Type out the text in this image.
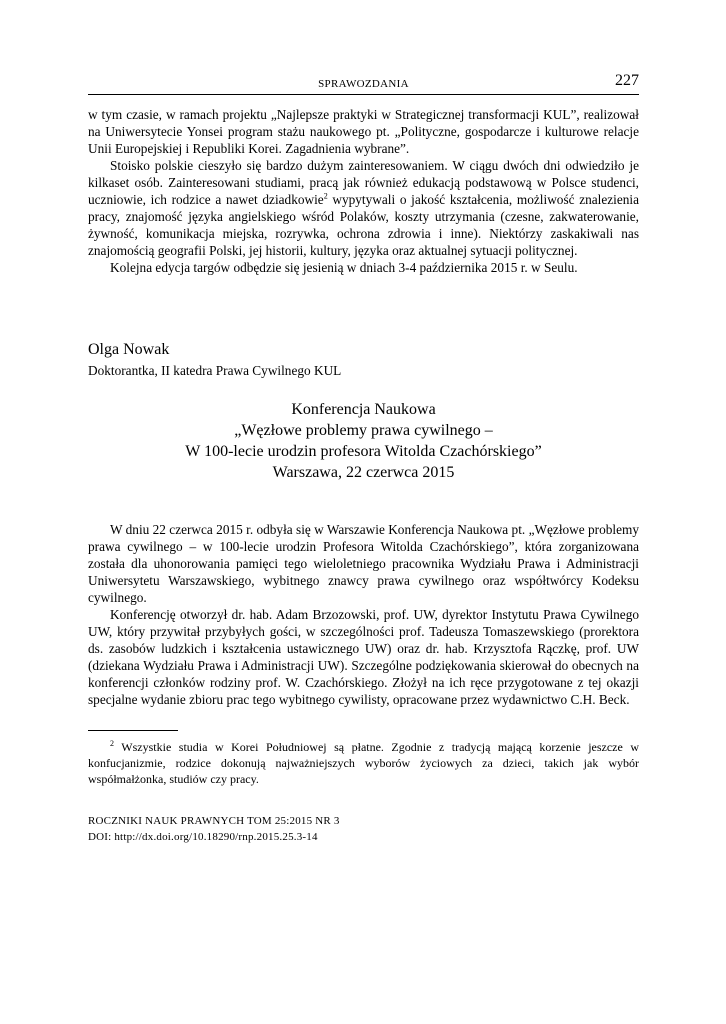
SPRAWOZDANIA	227

w tym czasie, w ramach projektu „Najlepsze praktyki w Strategicznej transformacji KUL”, realizował na Uniwersytecie Yonsei program stażu naukowego pt. „Polityczne, gospodarcze i kulturowe relacje Unii Europejskiej i Republiki Korei. Zagadnienia wybrane”.

Stoisko polskie cieszyło się bardzo dużym zainteresowaniem. W ciągu dwóch dni odwiedziło je kilkaset osób. Zainteresowani studiami, pracą jak również edukacją podstawową w Polsce studenci, uczniowie, ich rodzice a nawet dziadkowie$^2$ wypytywali o jakość kształcenia, możliwość znalezienia pracy, znajomość języka angielskiego wśród Polaków, koszty utrzymania (czesne, zakwaterowanie, żywność, komunikacja miejska, rozrywka, ochrona zdrowia i inne). Niektórzy zaskakiwali nas znajomością geografii Polski, jej historii, kultury, języka oraz aktualnej sytuacji politycznej.

Kolejna edycja targów odbędzie się jesienią w dniach 3-4 października 2015 r. w Seulu.

Olga Nowak
Doktorantka, II katedra Prawa Cywilnego KUL
Konferencja Naukowa
„Węzłowe problemy prawa cywilnego –
W 100-lecie urodzin profesora Witolda Czachórskiego”
Warszawa, 22 czerwca 2015

W dniu 22 czerwca 2015 r. odbyła się w Warszawie Konferencja Naukowa pt. „Węzłowe problemy prawa cywilnego – w 100-lecie urodzin Profesora Witolda Czachórskiego”, która zorganizowana została dla uhonorowania pamięci tego wieloletniego pracownika Wydziału Prawa i Administracji Uniwersytetu Warszawskiego, wybitnego znawcy prawa cywilnego oraz współtwórcy Kodeksu cywilnego.

Konferencję otworzył dr. hab. Adam Brzozowski, prof. UW, dyrektor Instytutu Prawa Cywilnego UW, który przywitał przybyłych gości, w szczególności prof. Tadeusza Tomaszewskiego (prorektora ds. zasobów ludzkich i kształcenia ustawicznego UW) oraz dr. hab. Krzysztofa Rączkę, prof. UW (dziekana Wydziału Prawa i Administracji UW). Szczególne podziękowania skierował do obecnych na konferencji członków rodziny prof. W. Czachórskiego. Złożył na ich ręce przygotowane z tej okazji specjalne wydanie zbioru prac tego wybitnego cywilisty, opracowane przez wydawnictwo C.H. Beck.

$^2$ Wszystkie studia w Korei Południowej są płatne. Zgodnie z tradycją mającą korzenie jeszcze w konfucjanizmie, rodzice dokonują najważniejszych wyborów życiowych za dzieci, takich jak wybór współmałżonka, studiów czy pracy.

ROCZNIKI NAUK PRAWNYCH TOM 25:2015 NR 3
DOI: http://dx.doi.org/10.18290/rnp.2015.25.3-14
